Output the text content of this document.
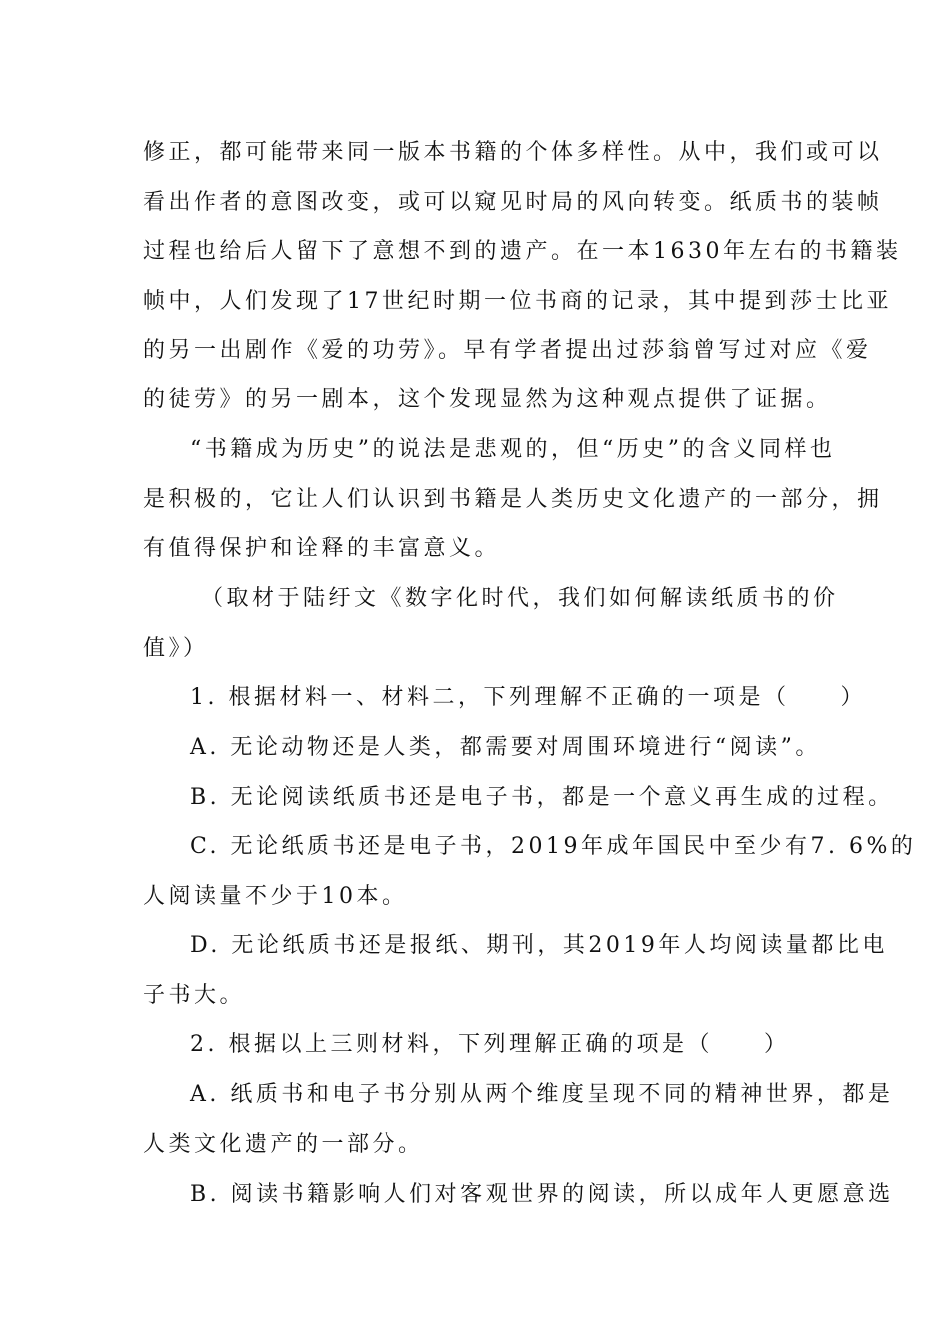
修正，都可能带来同一版本书籍的个体多样性。从中，我们或可以
看出作者的意图改变，或可以窥见时局的风向转变。纸质书的装帧
过程也给后人留下了意想不到的遗产。在一本1630年左右的书籍装
帧中，人们发现了17世纪时期一位书商的记录，其中提到莎士比亚
的另一出剧作《爱的功劳》。早有学者提出过莎翁曾写过对应《爱
的徒劳》的另一剧本，这个发现显然为这种观点提供了证据。
“书籍成为历史”的说法是悲观的，但“历史”的含义同样也
是积极的，它让人们认识到书籍是人类历史文化遗产的一部分，拥
有值得保护和诠释的丰富意义。
（取材于陆纡文《数字化时代，我们如何解读纸质书的价
值》）
1. 根据材料一、材料二，下列理解不正确的一项是（　　）
A. 无论动物还是人类，都需要对周围环境进行“阅读”。
B. 无论阅读纸质书还是电子书，都是一个意义再生成的过程。
C. 无论纸质书还是电子书，2019年成年国民中至少有7. 6%的
人阅读量不少于10本。
D. 无论纸质书还是报纸、期刊，其2019年人均阅读量都比电
子书大。
2. 根据以上三则材料，下列理解正确的项是（　　）
A. 纸质书和电子书分别从两个维度呈现不同的精神世界，都是
人类文化遗产的一部分。
B. 阅读书籍影响人们对客观世界的阅读，所以成年人更愿意选
